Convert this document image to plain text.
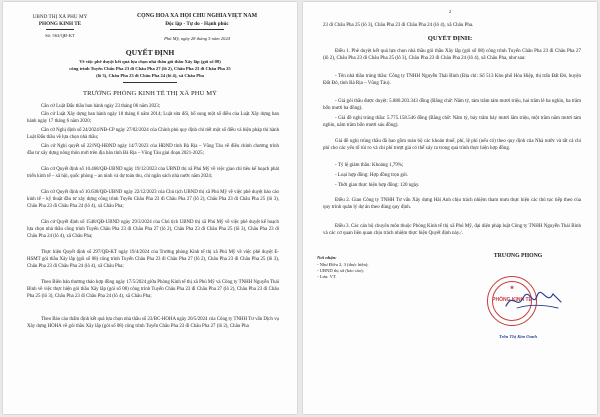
UBND THỊ XÃ PHÚ MỸ
PHÒNG KINH TẾ
Số: 563/QĐ-KT
CỘNG HÒA XÃ HỘI CHỦ NGHĨA VIỆT NAM
Độc lập - Tự do - Hạnh phúc
Phú Mỹ, ngày 28 tháng 5 năm 2024
QUYẾT ĐỊNH
Về việc phê duyệt kết quả lựa chọn nhà thầu gói thầu Xây lắp (gói số 08)
công trình Tuyến Chẩu Pha 23 đi Châu Pha 27 (lô 2), Châu Pha 23 đi Châu Pha 25
(lô 3), Châu Pha 23 đi Châu Pha 24 (lô 4), xã Châu Pha
TRƯỞNG PHÒNG KINH TẾ THỊ XÃ PHÚ MỸ
Căn cứ Luật Đấu thầu ban hành ngày 23 tháng 06 năm 2023;
Căn cứ Luật Xây dựng ban hành ngày 18 tháng 6 năm 2014; Luật sửa đổi, bổ sung một số điều của Luật Xây dựng ban hành ngày 17 tháng 6 năm 2020;
Căn cứ Nghị định số 24/2024/NĐ-CP ngày 27/02/2024 của Chính phủ quy định chi tiết một số điều và biện pháp thi hành Luật Đấu thầu về lựa chọn nhà thầu;
Căn cứ Nghị quyết số 22/NQ-HĐND ngày 14/7/2023 của HĐND tỉnh Bà Rịa – Vũng Tàu về điều chỉnh chương trình đầu tư xây dựng nông thôn mới trên địa bàn tỉnh Bà Rịa – Vũng Tàu giai đoạn 2021-2025;
Căn cứ Quyết định số 10.468/QĐ-UBND ngày 19/12/2023 của UBND thị xã Phú Mỹ về việc giao chỉ tiêu kế hoạch phát triển kinh tế – xã hội, quốc phòng – an ninh và dự toán thu, chi ngân sách nhà nước năm 2024;
Căn cứ Quyết định số 10.638/QĐ-UBND ngày 22/12/2023 của Chủ tịch UBND thị xã Phú Mỹ về việc phê duyệt báo cáo kinh tế – kỹ thuật đầu tư xây dựng công trình Tuyến Châu Pha 23 đi Châu Pha 27 (lô 2), Châu Pha 23 đi Châu Pha 25 (lô 3), Châu Pha 23 đi Châu Pha 24 (lô 4), xã Châu Pha;
Căn cứ Quyết định số 1548/QĐ-UBND ngày 29/3/2024 của Chủ tịch UBND thị xã Phú Mỹ về việc phê duyệt kế hoạch lựa chọn nhà thầu công trình Tuyến Châu Pha 23 đi Châu Pha 27 (lô 2), Châu Pha 23 đi Châu Pha 25 (lô 3), Châu Pha 23 đi Châu Pha 24 (lô 4), xã Châu Pha;
Thực hiện Quyết định số 297/QĐ-KT ngày 19/4/2024 của Trưởng phòng Kinh tế thị xã Phú Mỹ về việc phê duyệt E-HSMT gói thầu Xây lắp (gói số 08) công trình Tuyến Châu Pha 23 đi Châu Pha 27 (lô 2), Châu Pha 23 đi Châu Pha 25 (lô 3), Châu Pha 23 đi Châu Pha 24 (lô 4), xã Châu Pha;
Theo Biên bản thương thảo hợp đồng ngày 17/5/2024 giữa Phòng Kinh tế thị xã Phú Mỹ và Công ty TNHH Nguyễn Thái Bình về việc thực hiện gói thầu Xây lắp (gói số 08) công trình Tuyến Châu Pha 23 đi Châu Pha 27 (lô 2), Châu Pha 23 đi Châu Pha 25 (lô 3), Châu Pha 23 đi Châu Pha 24 (lô 4), xã Châu Pha;
Theo Báo cáo thẩm định kết quả lựa chọn nhà thầu số 23/BC-HOHA ngày 20/5/2024 của Công ty TNHH Tư vấn Dịch vụ Xây dựng HOHA về gói thầu Xây lắp (gói số 08) công trình Tuyến Châu Pha 23 đi Châu Pha 27 (lô 2), Châu Pha
2
23 đi Châu Pha 25 (lô 3), Châu Pha 23 đi Châu Pha 24 (lô 4), xã Châu Pha.
QUYẾT ĐỊNH:
Điều 1. Phê duyệt kết quả lựa chọn nhà thầu gói thầu Xây lắp (gói số 08) công trình Tuyến Châu Pha 23 đi Châu Pha 27 (lô 2), Châu Pha 23 đi Châu Pha 25 (lô 3), Châu Pha 23 đi Châu Pha 24 (lô 4), xã Châu Pha, như sau:
- Tên nhà thầu trúng thầu: Công ty TNHH Nguyễn Thái Bình (Địa chỉ: Số 513 Khu phố Hòa Hiệp, thị trấn Đất Đỏ, huyện Đất Đỏ, tỉnh Bà Rịa – Vũng Tàu).
- Giá gói thầu được duyệt: 5.880.203.343 đồng (Bằng chữ: Năm tỷ, tám trăm tám mươi triệu, hai trăm lẻ ba nghìn, ba trăm bốn mươi ba đồng).
- Giá đề nghị trúng thầu: 5.775.158.546 đồng (Bằng chữ: Năm tỷ, bảy trăm bảy mươi lăm triệu, một trăm năm mươi tám nghìn, năm trăm bốn mươi sáu đồng).
Giá đề nghị trúng thầu đã bao gồm toàn bộ các khoản thuế, phí, lệ phí (nếu có) theo quy định của Nhà nước và tất cả chi phí cho các yếu tố rủi ro và chi phí trượt giá có thể xảy ra trong quá trình thực hiện hợp đồng.
- Tỷ lệ giảm thầu: Khoảng 1,79%;
- Loại hợp đồng: Hợp đồng trọn gói.
- Thời gian thực hiện hợp đồng: 120 ngày.
Điều 2. Giao Công ty TNHH Tư vấn Xây dựng Hải Anh chịu trách nhiệm tham mưu thực hiện các thủ tục tiếp theo của quy trình quản lý dự án theo đúng quy định.
Điều 3. Các cán bộ chuyên môn thuộc Phòng Kinh tế thị xã Phú Mỹ, đại diện pháp luật Công ty TNHH Nguyễn Thái Bình và các cơ quan liên quan chịu trách nhiệm thực hiện Quyết định này./.
Nơi nhận:
- Như Điều 2, 3 (thực hiện);
- UBND thị xã (báo cáo);
- Lưu: VT.
TRƯỞNG PHÒNG
PHÒNG KINH TẾ
★
Trần Thị Kim Oanh
